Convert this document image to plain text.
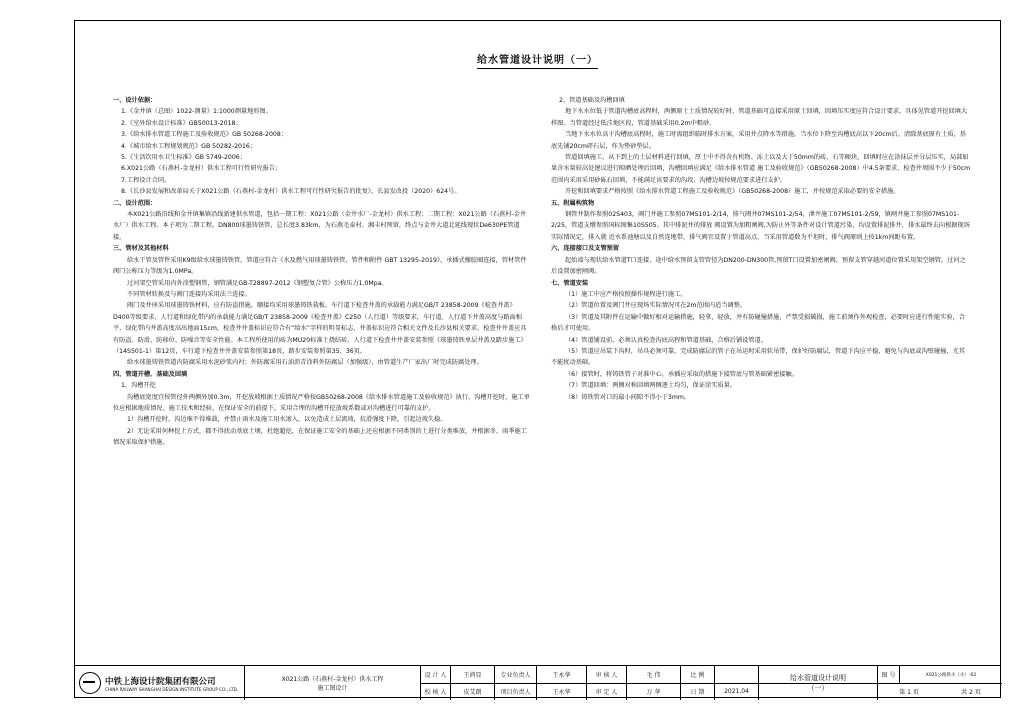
给水管道设计说明（一）

一、设计依据：

1.《金井镇（总图）1022-测量》1:1000测量地形图。

2.《室外给水设计标准》GB50013-2018；

3.《给水排水管道工程施工及验收规范》GB 50268-2008；

4.《城市给水工程规划规范》GB 50282-2016；

5.《生活饮用水卫生标准》GB 5749-2006；

6.X021公路（石燕村-金龙村）供水工程可行性研究报告；

7.工程设计合同。

8.《长沙县发展和改革局关于X021公路（石燕村-金龙村）供水工程可行性研究报告的批复》，长县发改投（2020）624号。

二、设计范围：

本X021公路沿线和金井镇集镇沿线新建供水管道，包括一期工程：X021公路（金井水厂-金龙村）供水工程；二期工程：X021公路（石燕村-金井水厂）供水工程。本子项为二期工程，DN800球墨铸铁管，总长度3.83km，为石燕毛泰村、湘丰村预留，终点与金井大道北延线现状De630PE管道接。

三、管材及其他材料

给水干管及管件采用K9级给水球墨铸铁管，管道应符合《水及燃气用球墨铸铁管、管件和附件 GBT 13295-2019》，承插式橡胶圈连接，管材管件阀门公称压力等级为1.0MPa。

过河架空管采用内外涂塑钢管，钢管满足GB-T28897-2012《钢塑复合管》公称压力1.0Mpa。

不同管材转换及与阀门连接均采用法兰连接。

阀门及井座采用球墨铸铁材料，应有防盗措施，顺接均采用球墨铸铁栽板，车行道下检查井盖的承载能力满足GB/T 23858-2009《检查井盖》D400等级要求，人行道和绿化带内的承载能力满足GB/T 23858-2009《检查井盖》C250（人行道）等级要求，车行道、人行道下井盖高度与路面相平，绿化带内井盖高度高出地面15cm，检查井井盖标识应符合有“给水”字样的明显标志，井盖标识应符合相关文件及长沙县相关要求。检查井井盖应具有防盗、防滑、防移位、防噪音等安全性能。本工程所使用的砖为MU20标准土烧结砖，人行道下检查井井盖安装参照《球墨铸铁单层井盖及踏步施工》（14S501-1）第12页，车行道下检查井井盖安装参照第18页，踏步安装参照第35、36页。

给水球墨铸铁管道内防腐采用水泥砂浆内衬；外防腐采用石油沥青涂料外防腐层（加强级），由管道生产厂家出厂时完成防腐处理。

四、管道开槽、基础及回填

1、沟槽开挖

沟槽底宽度宜按管径外两侧外加0.3m，开挖放坡根据土质情况严格按GB50268-2008《给水排水管道施工及验收规范》执行，沟槽开挖时，施工单位应根据地质情况、施工技术和经验，在保证安全的前提下，采用合理的沟槽开挖放坡系数或对沟槽进行可靠的支护。

1）沟槽开挖时，沟边堆不得堆载，并禁止雨水及施工用水渗入，以免造成土层流坡，抗滑强度下降，引起边坡失稳。

2）无论采用何种挖土方式，都不得扰动基底土壤，杜绝超挖，在保证施工安全的基础上还应根据不同类别的土进行分类堆放，并根据冬、雨季施工情况采取保护措施。

2、管道基础及沟槽回填

地下水水位低于管道沟槽底高程时，两侧原土土质情况较好时，管道基础可直接采用原土回填，回填压实度应符合设计要求，具体见管道开挖回填大样图。当管道经过低洼地区段，管道基础采用0.2m中粗砂。

当地下水水位高于沟槽底高程时，施工时需组织临时排水方案，采用井点降水等措施，当水位下降至沟槽底高以下20cm后，清除基底原有土质，基底先铺20cm碎石层，作为垫砂垫层。

管道回填施工，从下到上的土层材料进行回填，厚土中不得含有机物、冻土以及大于50mm的砖、石等硬块，回填时应在涂抹层并分层压实，局部如果含水量较高处建议进行晾晒处理后回填，沟槽回填应满足《给水排水管道 施工及验收规范》（GB50268-2008）中4.5条要求，检查井周围不少于50cm范围内采用采用砂砾石回填，不能满足该要求的沟段，沟槽边坡按规范要求进行支护。

开挖和回填要求严格按照《给水排水管道工程施工及验收规范》（GB50268-2008）施工，并按规范采取必要的安全措施。

五、附属构筑物

钢管井制作参照02S403，阀门井施工参照07MS101-2/14，排气阀井07MS101-2/54，泄井施工07MS101-2/59，镇闸井施工参照07MS101-2/25，管道支墩参照国标图集10S505。其中排泥井的排放 阀设置为加粗闸阀,为防止外等条件对设计管道污染，均设置排泥排井，排水最终去向根据现场实际情况定，排入就 近水系池塘以及自然连地带，排气阀宜设置于管道高点，当采用管道数为平坦时，排气阀原则上按1km间距布置。

六、连接接口及支管预留

起始端与现状给水管道T口连接，途中给水预留支管管径为DN200-DN300管,预留T口设置加密闸阀，预留支管穿越河道位置采用架空钢管，过河之后设置加密闸阀。

七、管道安装

（1）施工中应严格按照操作规程进行施工。

（2）管道位置及阀门井应现场实际情况可在2m范围内适当调整。

（3）管道及其附件在运输中做好相对运输措施，轻拿，轻放，并有防碰撞措施，严禁受损破损，施工前须作外观检查，必要时应进行性能实验，合格后才可使用。

（4）管道铺设前，必须认真检查沟底高程和管道基础，合格后铺设管道。

（5）管道应吊装下沟时，吊具必须可靠，完成防腐层的管子在吊运时采用软吊带，保护好防腐层，管道下沟应平稳，避免与沟底或沟壁碰撞，尤其不能扰动基础。

（6）接管时，将铸铁管子对准中心，承插应采取的措施下接管底与管基础紧密接触。

（7）管道回填：两侧对称回填两侧逐土均匀，保证涂实质量。

（8）铸铁管对口的最小间隙不得小于3mm。

中铁上海设计院集团有限公司
CHINA RAILWAY SHANGHAI DESIGN INSTITUTE GROUP CO., LTD.
X021公路（石燕村-金龙村）供水工程
施工图设计
设 计 人	王鸿显
校 核 人	皮艾朗
专业负责人	王永华
项目负责人	王永华
审 核 人	毛 伟
审 定 人	万 华
比 例
日 期	2021.04
给水管道设计说明
（一）
图 号	X021公路供水（水）-02
第 1 页	共 2 页
